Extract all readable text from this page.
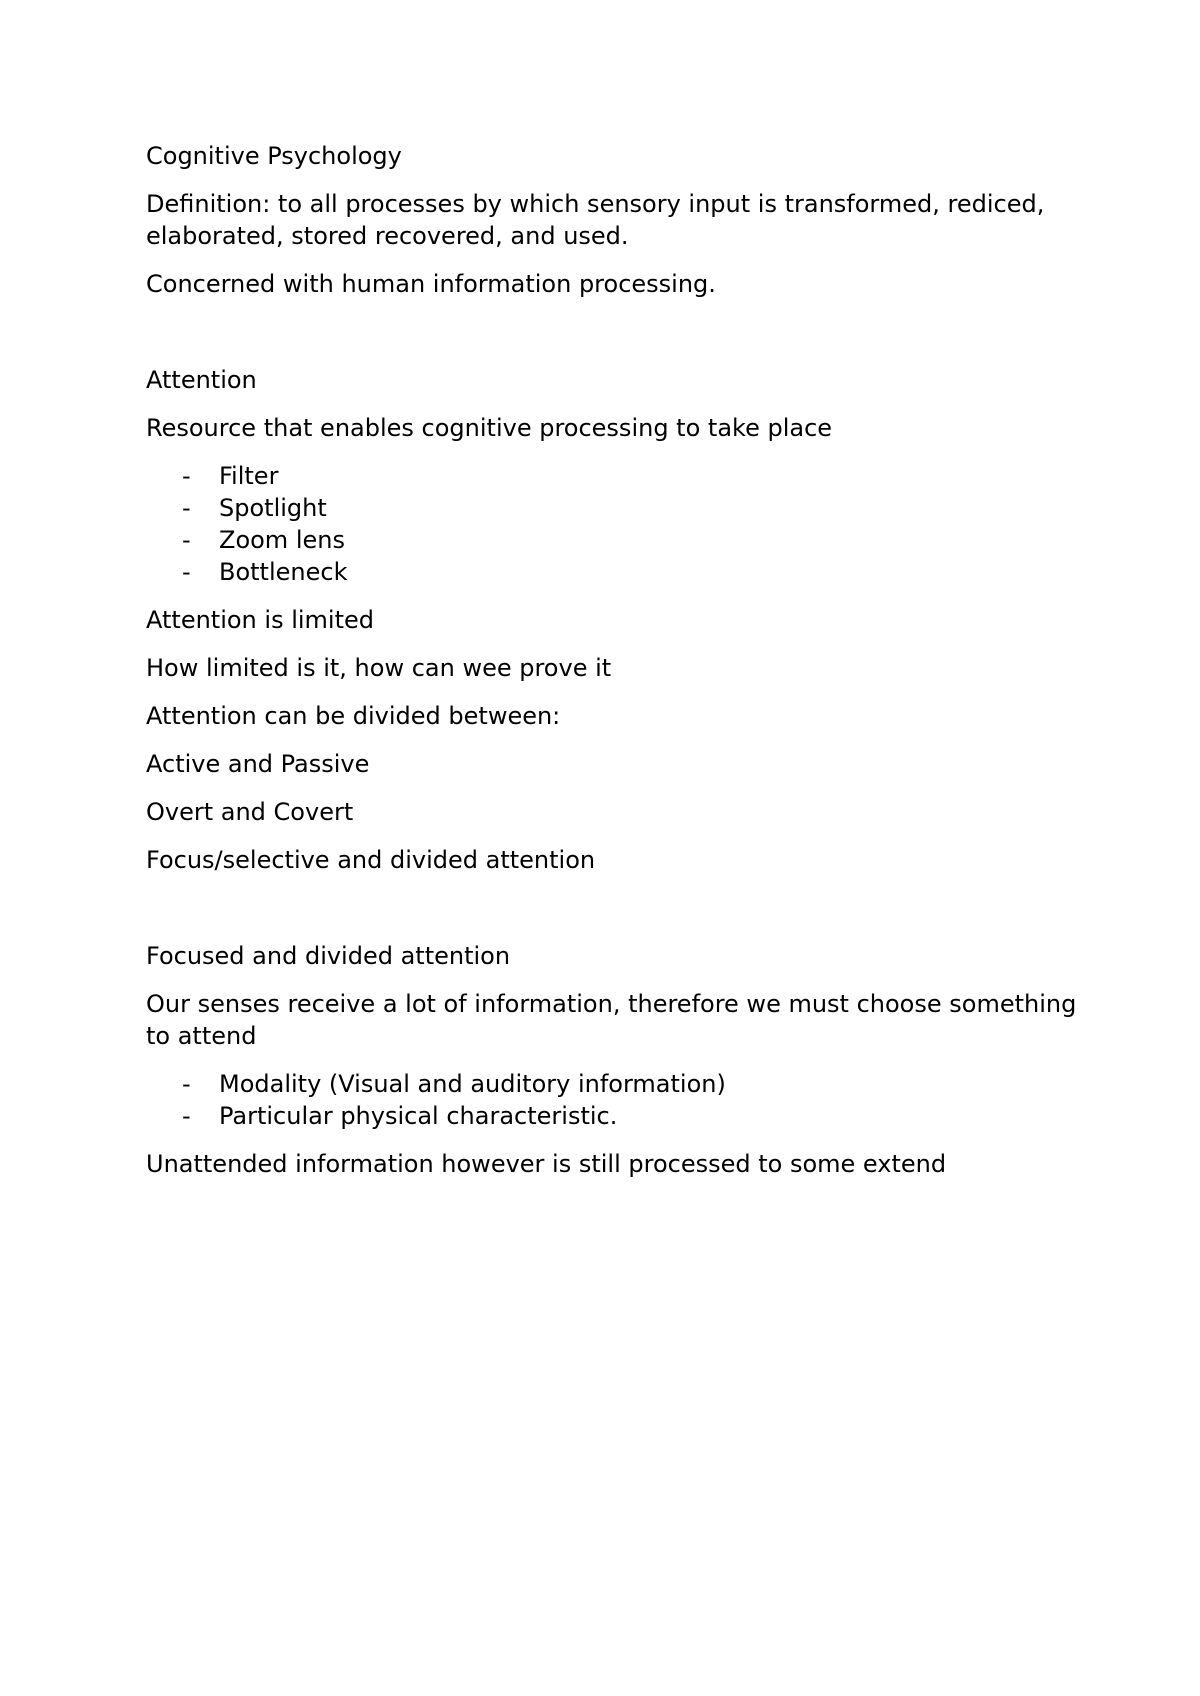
Cognitive Psychology

Definition: to all processes by which sensory input is transformed, rediced, elaborated, stored recovered, and used.

Concerned with human information processing.

Attention

Resource that enables cognitive processing to take place

- Filter
- Spotlight
- Zoom lens
- Bottleneck

Attention is limited

How limited is it, how can wee prove it

Attention can be divided between:

Active and Passive

Overt and Covert

Focus/selective and divided attention

Focused and divided attention

Our senses receive a lot of information, therefore we must choose something to attend

- Modality (Visual and auditory information)
- Particular physical characteristic.

Unattended information however is still processed to some extend
